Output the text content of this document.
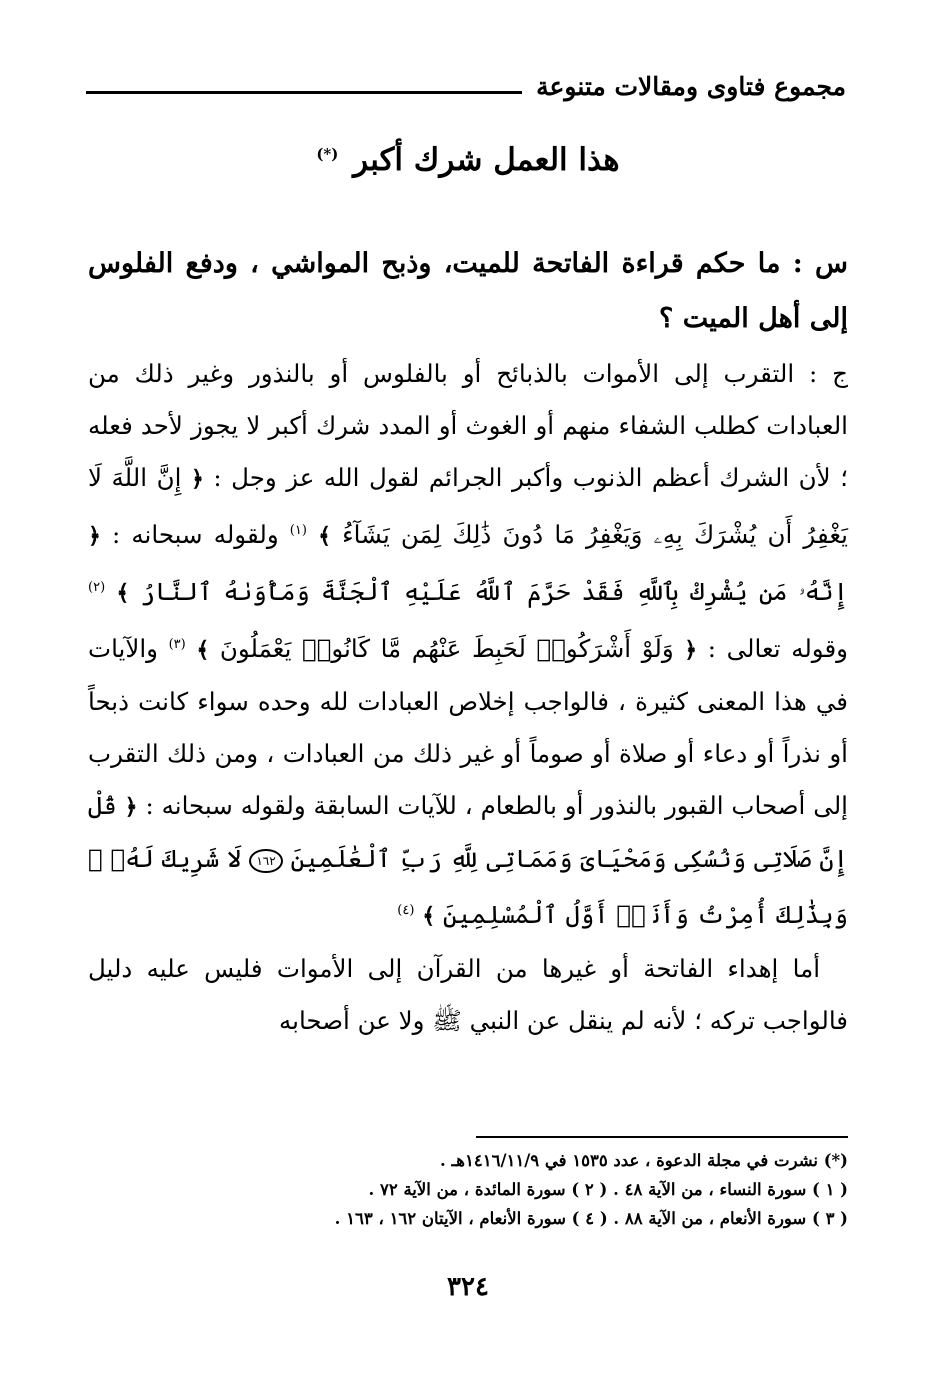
مجموع فتاوى ومقالات متنوعة
هذا العمل شرك أكبر (*)

س : ما حكم قراءة الفاتحة للميت، وذبح المواشي ، ودفع الفلوس إلى أهل الميت ؟

ج : التقرب إلى الأموات بالذبائح أو بالفلوس أو بالنذور وغير ذلك من العبادات كطلب الشفاء منهم أو الغوث أو المدد شرك أكبر لا يجوز لأحد فعله ؛ لأن الشرك أعظم الذنوب وأكبر الجرائم لقول الله عز وجل : ﴿ إِنَّ اللَّهَ لَا يَغْفِرُ أَن يُشْرَكَ بِهِۦ وَيَغْفِرُ مَا دُونَ ذَٰلِكَ لِمَن يَشَآءُ ﴾ $^{(١)}$ ولقوله سبحانه : ﴿ إِنَّهُۥ مَن يُشْرِكْ بِٱللَّهِ فَقَدْ حَرَّمَ ٱللَّهُ عَلَيْهِ ٱلْجَنَّةَ وَمَأْوَىٰهُ ٱلنَّارُ ﴾ $^{(٢)}$ وقوله تعالى : ﴿ وَلَوْ أَشْرَكُوا۟ لَحَبِطَ عَنْهُم مَّا كَانُوا۟ يَعْمَلُونَ ﴾ $^{(٣)}$ والآيات في هذا المعنى كثيرة ، فالواجب إخلاص العبادات لله وحده سواء كانت ذبحاً أو نذراً أو دعاء أو صلاة أو صوماً أو غير ذلك من العبادات ، ومن ذلك التقرب إلى أصحاب القبور بالنذور أو بالطعام ، للآيات السابقة ولقوله سبحانه : ﴿ قُلْ إِنَّ صَلَاتِى وَنُسُكِى وَمَحْيَاىَ وَمَمَاتِى لِلَّهِ رَبِّ ٱلْعَٰلَمِينَ ١٦٢ لَا شَرِيكَ لَهُۥ ۖ وَبِذَٰلِكَ أُمِرْتُ وَأَنَا۠ أَوَّلُ ٱلْمُسْلِمِينَ ﴾ $^{(٤)}$

أما إهداء الفاتحة أو غيرها من القرآن إلى الأموات فليس عليه دليل فالواجب تركه ؛ لأنه لم ينقل عن النبي ﷺ ولا عن أصحابه

(*) نشرت في مجلة الدعوة ، عدد ١٥٣٥ في ١٤١٦/١١/٩هـ .

( ١ ) سورة النساء ، من الآية ٤٨ . ( ٢ ) سورة المائدة ، من الآية ٧٢ .

( ٣ ) سورة الأنعام ، من الآية ٨٨ . ( ٤ ) سورة الأنعام ، الآيتان ١٦٢ ، ١٦٣ .

٣٢٤
